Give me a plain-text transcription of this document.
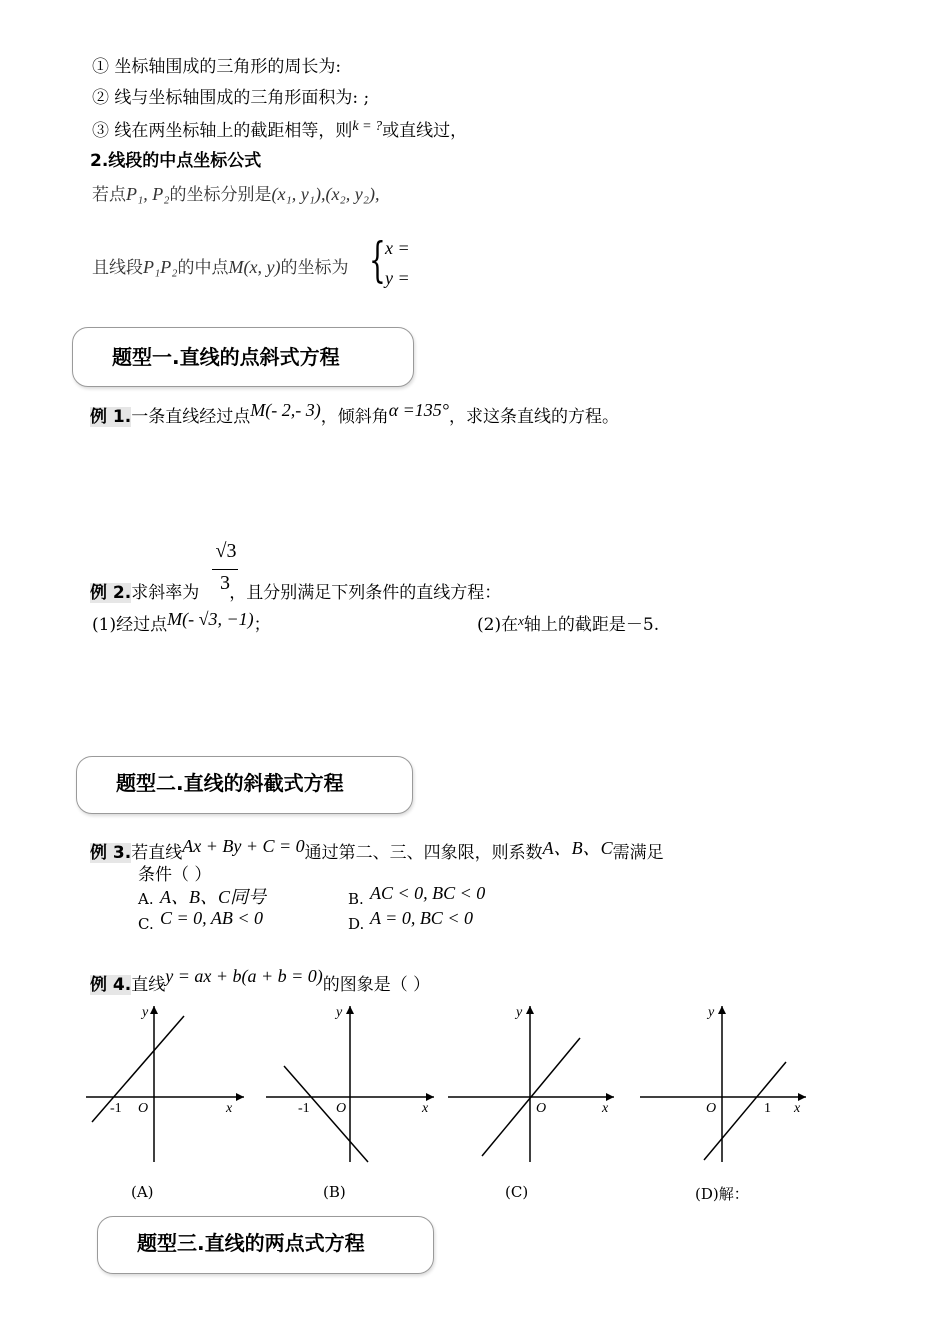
① 坐标轴围成的三角形的周长为:
② 线与坐标轴围成的三角形面积为: ;
③ 线在两坐标轴上的截距相等，则$^{k = ?}$或直线过，
2.线段的中点坐标公式
若点P₁, P₂的坐标分别是(x₁, y₁),(x₂, y₂),
且线段P₁P₂的中点M(x, y)的坐标为 { x =
y =
题型一.直线的点斜式方程
例 1.一条直线经过点M(- 2,- 3)，倾斜角α =135°，求这条直线的方程。
√3
3
例 2.求斜率为 ，且分别满足下列条件的直线方程：
(1)经过点M(- √3, −1)；	(2)在$^x$轴上的截距是－5.
题型二.直线的斜截式方程
例 3.若直线Ax + By + C = 0通过第二、三、四象限，则系数A、B、C需满足
条件（ ）
A. A、B、C同号	B. AC < 0, BC < 0
C. C = 0, AB < 0	D. A = 0, BC < 0
例 4.直线y = ax + b(a + b = 0)的图象是（ ）
x
y
O
-1
(A)
x
y
O
-1
(B)
x
y
O
(C)
x
y
O	1
(D)解：
题型三.直线的两点式方程
